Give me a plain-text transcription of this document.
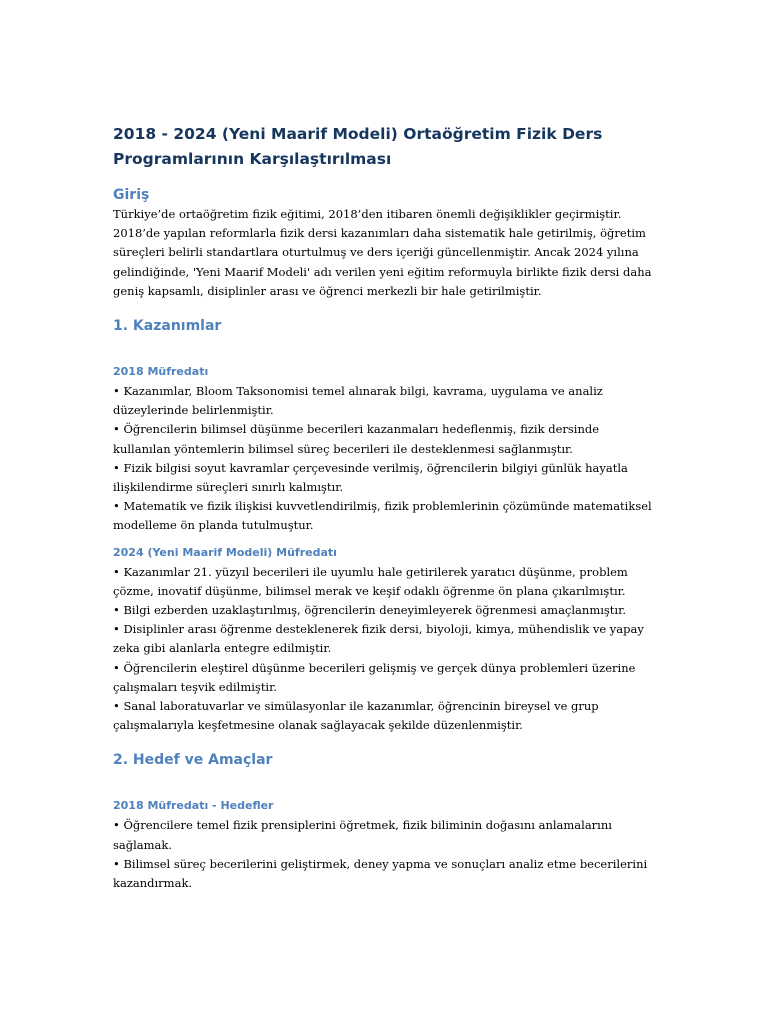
2018 - 2024 (Yeni Maarif Modeli) Ortaöğretim Fizik Ders Programlarının Karşılaştırılması
Giriş

Türkiye’de ortaöğretim fizik eğitimi, 2018’den itibaren önemli değişiklikler geçirmiştir. 2018’de yapılan reformlarla fizik dersi kazanımları daha sistematik hale getirilmiş, öğretim süreçleri belirli standartlara oturtulmuş ve ders içeriği güncellenmiştir. Ancak 2024 yılına gelindiğinde, 'Yeni Maarif Modeli' adı verilen yeni eğitim reformuyla birlikte fizik dersi daha geniş kapsamlı, disiplinler arası ve öğrenci merkezli bir hale getirilmiştir.

1. Kazanımlar
2018 Müfredatı
• Kazanımlar, Bloom Taksonomisi temel alınarak bilgi, kavrama, uygulama ve analiz düzeylerinde belirlenmiştir.
• Öğrencilerin bilimsel düşünme becerileri kazanmaları hedeflenmiş, fizik dersinde kullanılan yöntemlerin bilimsel süreç becerileri ile desteklenmesi sağlanmıştır.
• Fizik bilgisi soyut kavramlar çerçevesinde verilmiş, öğrencilerin bilgiyi günlük hayatla ilişkilendirme süreçleri sınırlı kalmıştır.
• Matematik ve fizik ilişkisi kuvvetlendirilmiş, fizik problemlerinin çözümünde matematiksel modelleme ön planda tutulmuştur.
2024 (Yeni Maarif Modeli) Müfredatı
• Kazanımlar 21. yüzyıl becerileri ile uyumlu hale getirilerek yaratıcı düşünme, problem çözme, inovatif düşünme, bilimsel merak ve keşif odaklı öğrenme ön plana çıkarılmıştır.
• Bilgi ezberden uzaklaştırılmış, öğrencilerin deneyimleyerek öğrenmesi amaçlanmıştır.
• Disiplinler arası öğrenme desteklenerek fizik dersi, biyoloji, kimya, mühendislik ve yapay zeka gibi alanlarla entegre edilmiştir.
• Öğrencilerin eleştirel düşünme becerileri gelişmiş ve gerçek dünya problemleri üzerine çalışmaları teşvik edilmiştir.
• Sanal laboratuvarlar ve simülasyonlar ile kazanımlar, öğrencinin bireysel ve grup çalışmalarıyla keşfetmesine olanak sağlayacak şekilde düzenlenmiştir.
2. Hedef ve Amaçlar
2018 Müfredatı - Hedefler
• Öğrencilere temel fizik prensiplerini öğretmek, fizik biliminin doğasını anlamalarını sağlamak.
• Bilimsel süreç becerilerini geliştirmek, deney yapma ve sonuçları analiz etme becerilerini kazandırmak.
